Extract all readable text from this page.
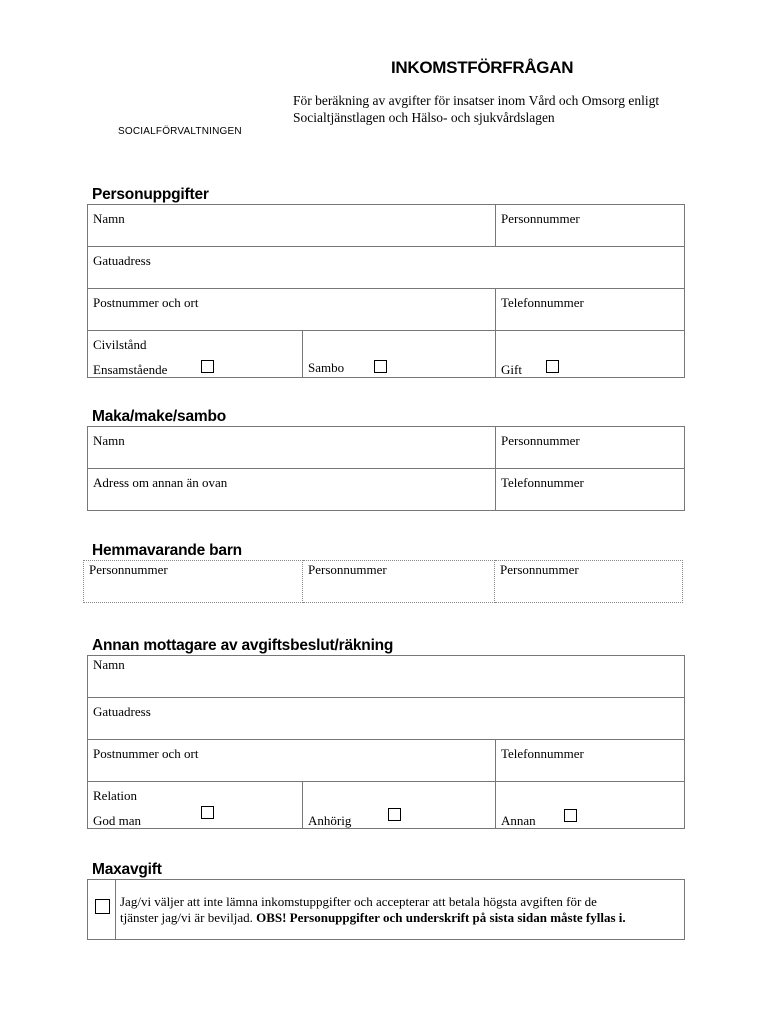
INKOMSTFÖRFRÅGAN
För beräkning av avgifter för insatser inom Vård och Omsorg enligt
Socialtjänstlagen och Hälso- och sjukvårdslagen
SOCIALFÖRVALTNINGEN
Personuppgifter
Namn		Personnummer
Gatuadress		
Postnummer och ort		Telefonnummer
Civilstånd
Ensamstående	Sambo	Gift
Maka/make/sambo
Namn	Personnummer
Adress om annan än ovan	Telefonnummer
Hemmavarande barn
Personnummer	Personnummer	Personnummer
Annan mottagare av avgiftsbeslut/räkning
Namn		
Gatuadress		
Postnummer och ort		Telefonnummer
Relation
God man	Anhörig	Annan
Maxavgift

Jag/vi väljer att inte lämna inkomstuppgifter och accepterar att betala högsta avgiften för de
tjänster jag/vi är beviljad. OBS! Personuppgifter och underskrift på sista sidan måste fyllas i.
